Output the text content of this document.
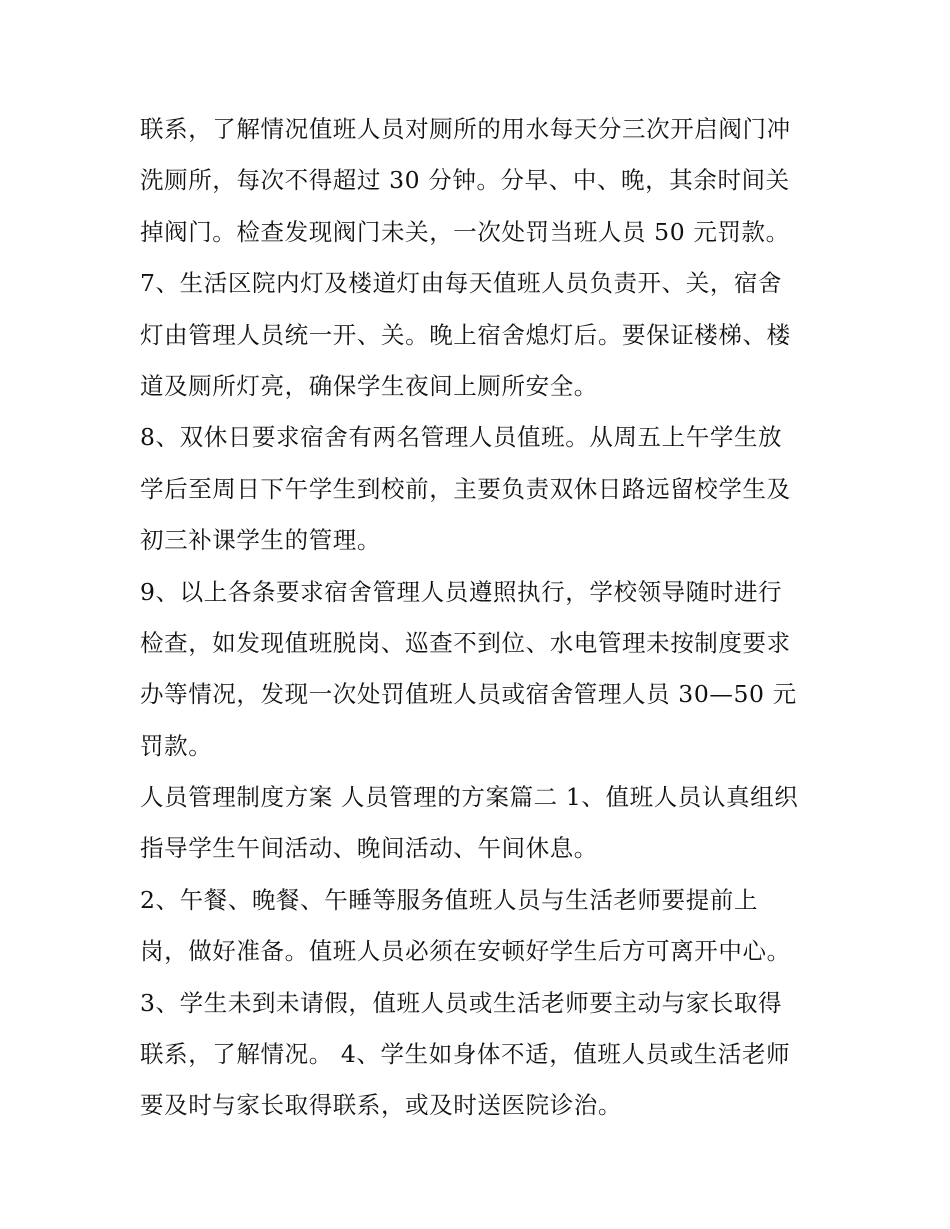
联系，了解情况值班人员对厕所的用水每天分三次开启阀门冲
洗厕所，每次不得超过 30 分钟。分早、中、晚，其余时间关
掉阀门。检查发现阀门未关，一次处罚当班人员 50 元罚款。
7、生活区院内灯及楼道灯由每天值班人员负责开、关，宿舍
灯由管理人员统一开、关。晚上宿舍熄灯后。要保证楼梯、楼
道及厕所灯亮，确保学生夜间上厕所安全。
8、双休日要求宿舍有两名管理人员值班。从周五上午学生放
学后至周日下午学生到校前，主要负责双休日路远留校学生及
初三补课学生的管理。
9、以上各条要求宿舍管理人员遵照执行，学校领导随时进行
检查，如发现值班脱岗、巡查不到位、水电管理未按制度要求
办等情况，发现一次处罚值班人员或宿舍管理人员 30—50 元
罚款。
人员管理制度方案 人员管理的方案篇二 1、值班人员认真组织
指导学生午间活动、晚间活动、午间休息。
2、午餐、晚餐、午睡等服务值班人员与生活老师要提前上
岗，做好准备。值班人员必须在安顿好学生后方可离开中心。
3、学生未到未请假，值班人员或生活老师要主动与家长取得
联系，了解情况。 4、学生如身体不适，值班人员或生活老师
要及时与家长取得联系，或及时送医院诊治。
